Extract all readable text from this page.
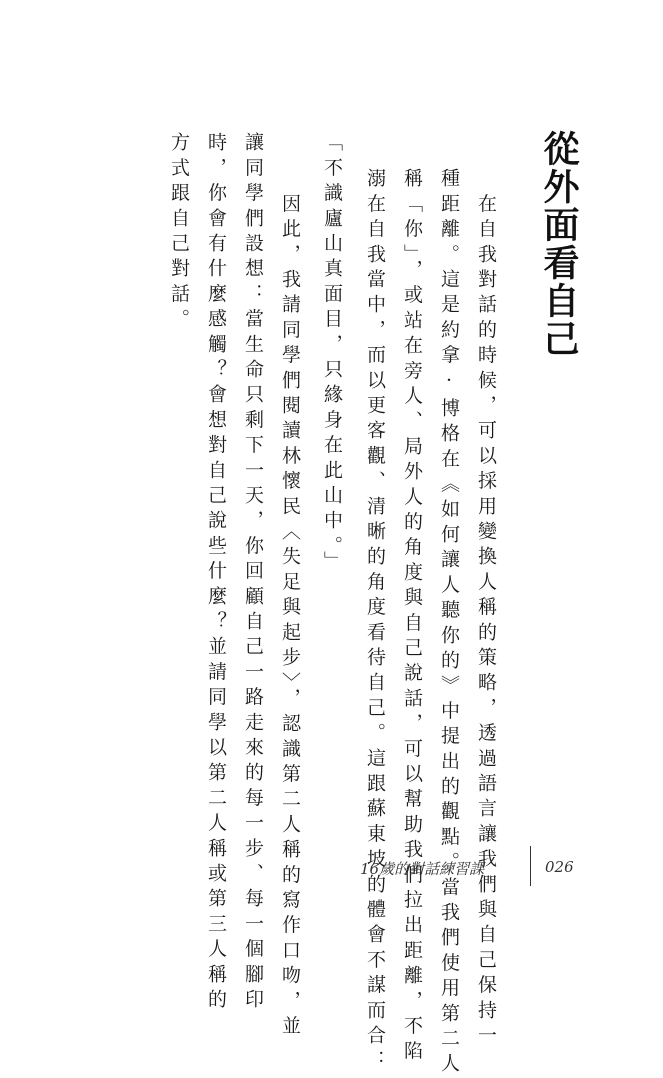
從外面看自己
　在自我對話的時候，可以採用變換人稱的策略，透過語言讓我們與自己保持一
種距離。這是約拿·博格在《如何讓人聽你的》中提出的觀點。當我們使用第二人
稱「你」，或站在旁人、局外人的角度與自己說話，可以幫助我們拉出距離，不陷
溺在自我當中，而以更客觀、清晰的角度看待自己。這跟蘇東坡的體會不謀而合：
「不識廬山真面目，只緣身在此山中。」
　因此，我請同學們閱讀林懷民〈失足與起步〉，認識第二人稱的寫作口吻，並
讓同學們設想：當生命只剩下一天，你回顧自己一路走來的每一步、每一個腳印
時，你會有什麼感觸？會想對自己說些什麼？並請同學以第二人稱或第三人稱的
方式跟自己對話。
16歲的對話練習課	026
